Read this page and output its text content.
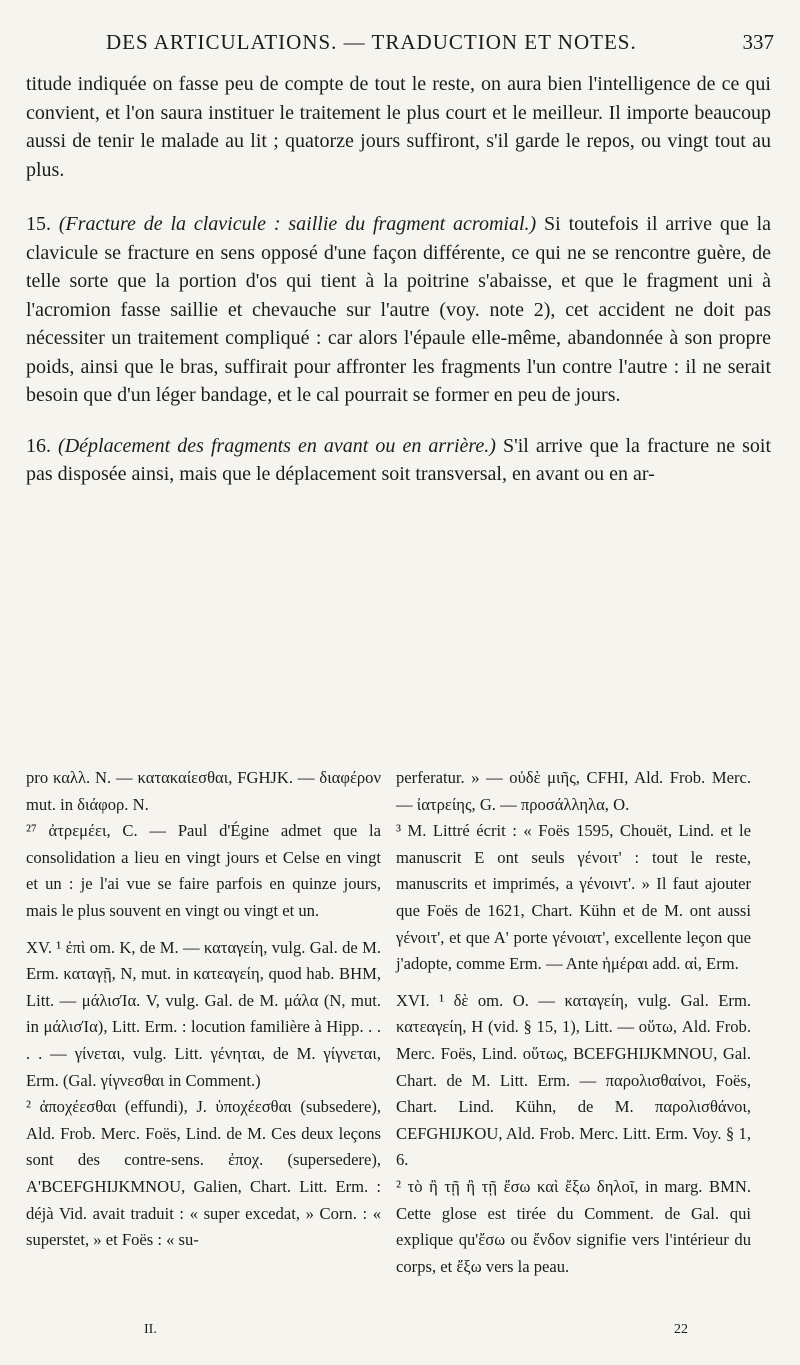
DES ARTICULATIONS. — TRADUCTION ET NOTES.	337

titude indiquée on fasse peu de compte de tout le reste, on aura bien l'intelligence de ce qui convient, et l'on saura instituer le traitement le plus court et le meilleur. Il importe beaucoup aussi de tenir le malade au lit ; quatorze jours suffiront, s'il garde le repos, ou vingt tout au plus.

15. (Fracture de la clavicule : saillie du fragment acromial.) Si toutefois il arrive que la clavicule se fracture en sens opposé d'une façon différente, ce qui ne se rencontre guère, de telle sorte que la portion d'os qui tient à la poitrine s'abaisse, et que le fragment uni à l'acromion fasse saillie et chevauche sur l'autre (voy. note 2), cet accident ne doit pas nécessiter un traitement compliqué : car alors l'épaule elle-même, abandonnée à son propre poids, ainsi que le bras, suffirait pour affronter les fragments l'un contre l'autre : il ne serait besoin que d'un léger bandage, et le cal pourrait se former en peu de jours.

16. (Déplacement des fragments en avant ou en arrière.) S'il arrive que la fracture ne soit pas disposée ainsi, mais que le déplacement soit transversal, en avant ou en ar-

pro καλλ. N. — κατακαίεσθαι, FGHJK. — διαφέρον mut. in διάφορ. N.

²⁷ ἀτρεμέει, C. — Paul d'Égine admet que la consolidation a lieu en vingt jours et Celse en vingt et un : je l'ai vue se faire parfois en quinze jours, mais le plus souvent en vingt ou vingt et un.

XV. ¹ ἐπὶ om. K, de M. — καταγείη, vulg. Gal. de M. Erm. καταγῇ, N, mut. in κατεαγείη, quod hab. BHM, Litt. — μάλισΊα. V, vulg. Gal. de M. μάλα (N, mut. in μάλισΊα), Litt. Erm. : locution familière à Hipp. . . . . — γίνεται, vulg. Litt. γένηται, de M. γίγνεται, Erm. (Gal. γίγνεσθαι in Comment.)

² ἀποχέεσθαι (effundi), J. ὑποχέεσθαι (subsedere), Ald. Frob. Merc. Foës, Lind. de M. Ces deux leçons sont des contre-sens. ἐποχ. (supersedere), A'BCEFGHIJKMNOU, Galien, Chart. Litt. Erm. : déjà Vid. avait traduit : « super excedat, » Corn. : « superstet, » et Foës : « su-

perferatur. » — οὐδὲ μιῆς, CFHI, Ald. Frob. Merc. — ἰατρείης, G. — προσάλληλα, O.

³ M. Littré écrit : « Foës 1595, Chouët, Lind. et le manuscrit E ont seuls γένοιτ' : tout le reste, manuscrits et imprimés, a γένοιντ'. » Il faut ajouter que Foës de 1621, Chart. Kühn et de M. ont aussi γένοιτ', et que A' porte γένοιατ', excellente leçon que j'adopte, comme Erm. — Ante ἡμέραι add. αἱ, Erm.

XVI. ¹ δὲ om. O. — καταγείη, vulg. Gal. Erm. κατεαγείη, H (vid. § 15, 1), Litt. — οὕτω, Ald. Frob. Merc. Foës, Lind. οὕτως, BCEFGHIJKMNOU, Gal. Chart. de M. Litt. Erm. — παρολισθαίνοι, Foës, Chart. Lind. Kühn, de M. παρολισθάνοι, CEFGHIJKOU, Ald. Frob. Merc. Litt. Erm. Voy. § 1, 6.

² τὸ ἢ τῇ ἢ τῇ ἔσω καὶ ἔξω δηλοῖ, in marg. BMN. Cette glose est tirée du Comment. de Gal. qui explique qu'ἔσω ou ἔνδον signifie vers l'intérieur du corps, et ἔξω vers la peau.

II.	22
